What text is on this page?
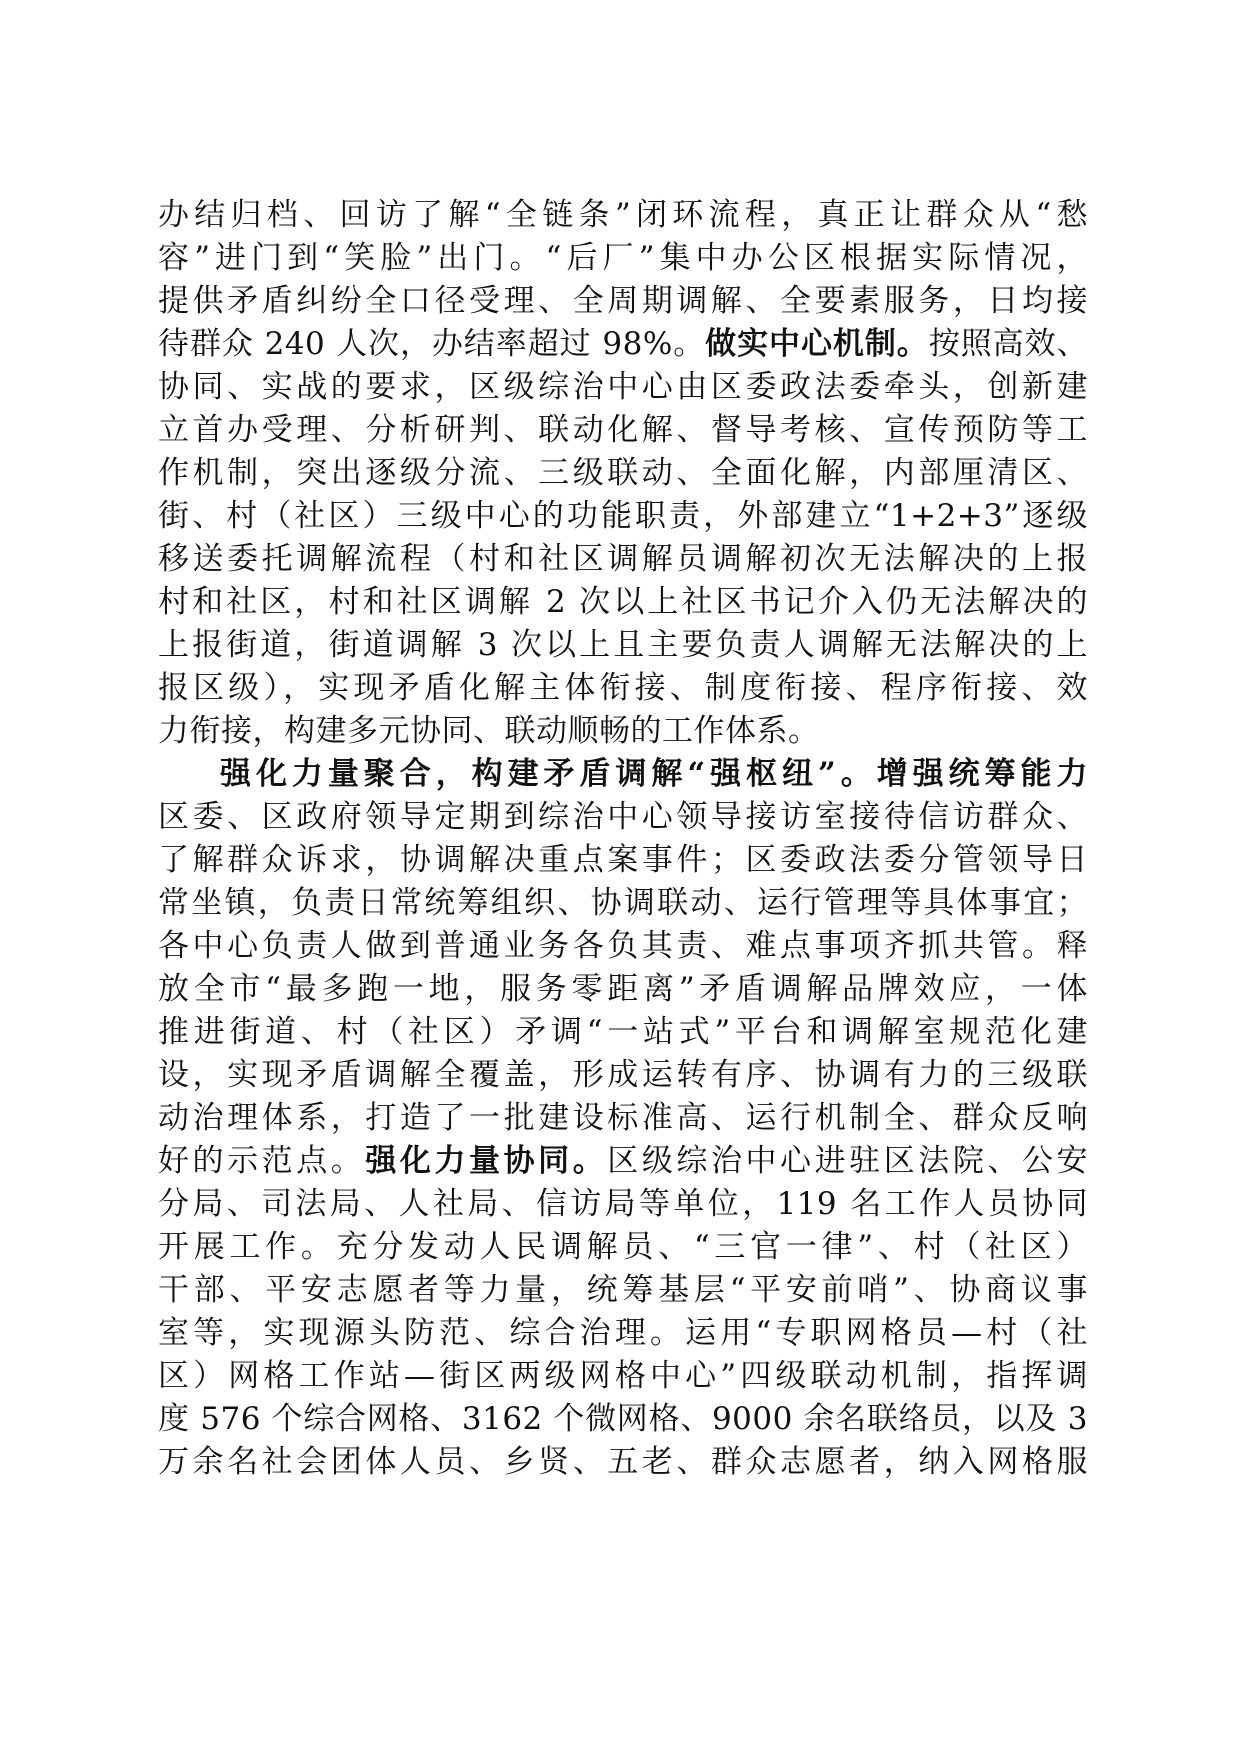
办结归档、回访了解“全链条”闭环流程，真正让群众从“愁

容”进门到“笑脸”出门。“后厂”集中办公区根据实际情况，

提供矛盾纠纷全口径受理、全周期调解、全要素服务，日均接

待群众 240 人次，办结率超过 98%。做实中心机制。按照高效、

协同、实战的要求，区级综治中心由区委政法委牵头，创新建

立首办受理、分析研判、联动化解、督导考核、宣传预防等工

作机制，突出逐级分流、三级联动、全面化解，内部厘清区、

街、村（社区）三级中心的功能职责，外部建立“1+2+3”逐级

移送委托调解流程（村和社区调解员调解初次无法解决的上报

村和社区，村和社区调解 2 次以上社区书记介入仍无法解决的

上报街道，街道调解 3 次以上且主要负责人调解无法解决的上

报区级），实现矛盾化解主体衔接、制度衔接、程序衔接、效

力衔接，构建多元协同、联动顺畅的工作体系。

强化力量聚合，构建矛盾调解“强枢纽”。增强统筹能力

区委、区政府领导定期到综治中心领导接访室接待信访群众、

了解群众诉求，协调解决重点案事件；区委政法委分管领导日

常坐镇，负责日常统筹组织、协调联动、运行管理等具体事宜；

各中心负责人做到普通业务各负其责、难点事项齐抓共管。释

放全市“最多跑一地，服务零距离”矛盾调解品牌效应，一体

推进街道、村（社区）矛调“一站式”平台和调解室规范化建

设，实现矛盾调解全覆盖，形成运转有序、协调有力的三级联

动治理体系，打造了一批建设标准高、运行机制全、群众反响

好的示范点。强化力量协同。区级综治中心进驻区法院、公安

分局、司法局、人社局、信访局等单位，119 名工作人员协同

开展工作。充分发动人民调解员、“三官一律”、村（社区）

干部、平安志愿者等力量，统筹基层“平安前哨”、协商议事

室等，实现源头防范、综合治理。运用“专职网格员—村（社

区）网格工作站—街区两级网格中心”四级联动机制，指挥调

度 576 个综合网格、3162 个微网格、9000 余名联络员，以及 3

万余名社会团体人员、乡贤、五老、群众志愿者，纳入网格服
